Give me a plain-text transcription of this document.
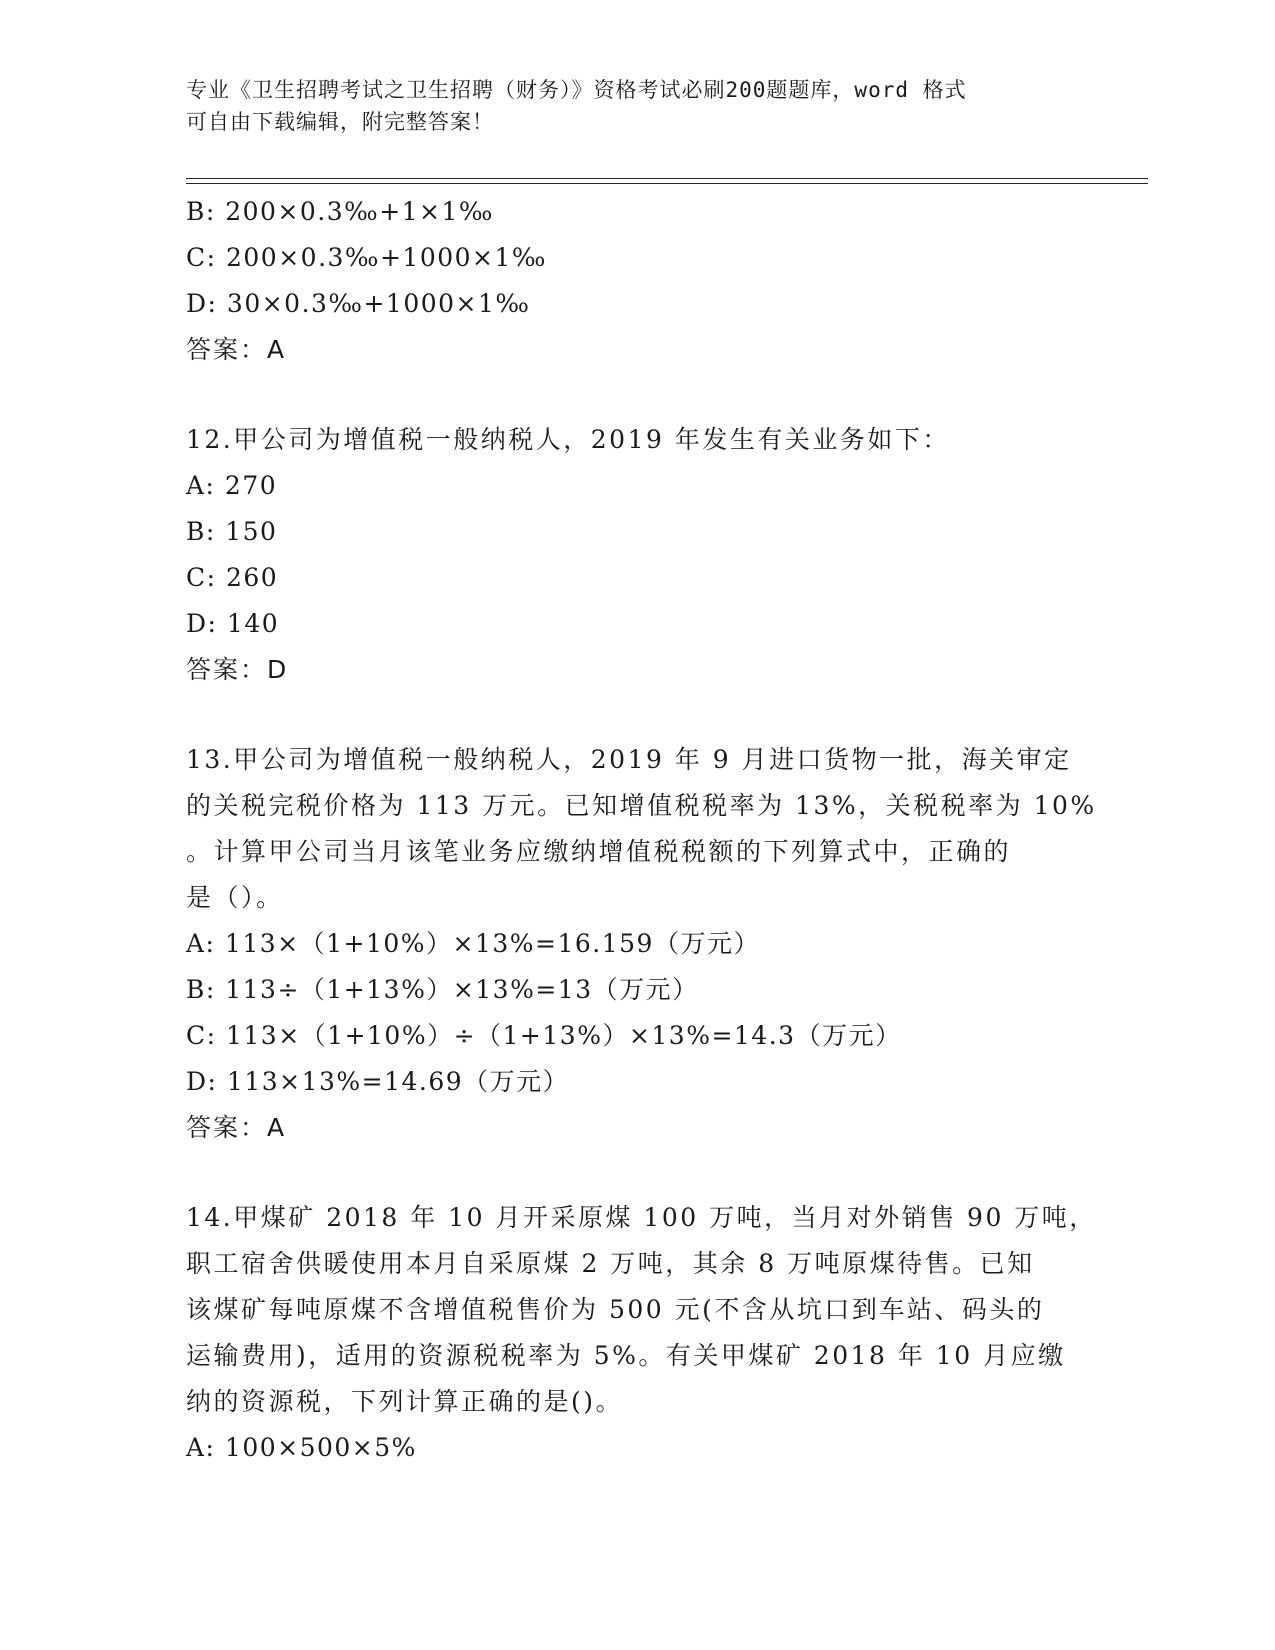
专业《卫生招聘考试之卫生招聘（财务）》资格考试必刷200题题库，word 格式
可自由下载编辑，附完整答案！
B: 200×0.3‰+1×1‰
C: 200×0.3‰+1000×1‰
D: 30×0.3‰+1000×1‰
答案：A
12.甲公司为增值税一般纳税人，2019 年发生有关业务如下：
A: 270
B: 150
C: 260
D: 140
答案：D
13.甲公司为增值税一般纳税人，2019 年 9 月进口货物一批，海关审定
的关税完税价格为 113 万元。已知增值税税率为 13%，关税税率为 10%
。计算甲公司当月该笔业务应缴纳增值税税额的下列算式中，正确的
是（）。
A: 113×（1+10%）×13%=16.159（万元）
B: 113÷（1+13%）×13%=13（万元）
C: 113×（1+10%）÷（1+13%）×13%=14.3（万元）
D: 113×13%=14.69（万元）
答案：A
14.甲煤矿 2018 年 10 月开采原煤 100 万吨，当月对外销售 90 万吨，
职工宿舍供暖使用本月自采原煤 2 万吨，其余 8 万吨原煤待售。已知
该煤矿每吨原煤不含增值税售价为 500 元(不含从坑口到车站、码头的
运输费用)，适用的资源税税率为 5%。有关甲煤矿 2018 年 10 月应缴
纳的资源税，下列计算正确的是()。
A: 100×500×5%
